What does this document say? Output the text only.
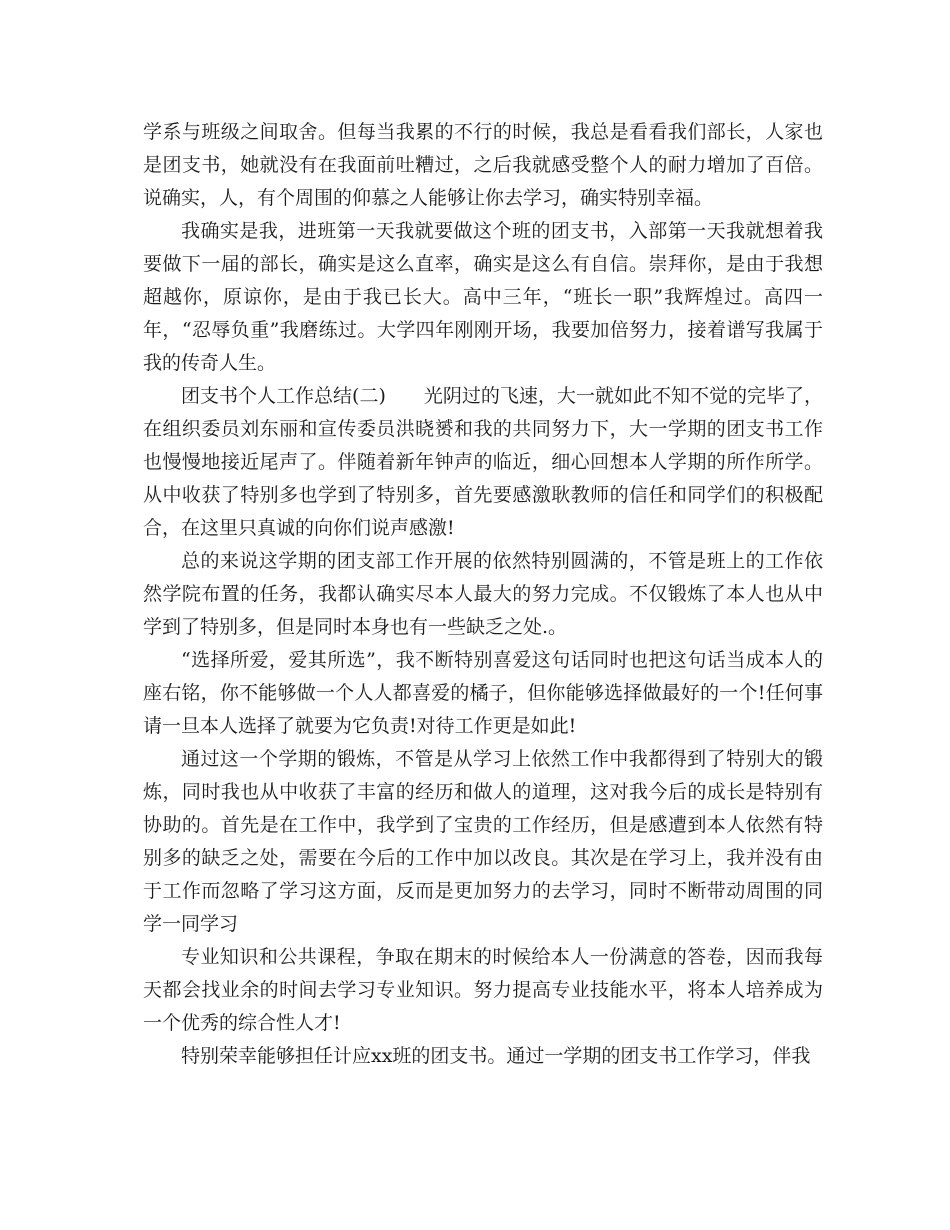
学系与班级之间取舍。但每当我累的不行的时候，我总是看看我们部长，人家也是团支书，她就没有在我面前吐糟过，之后我就感受整个人的耐力增加了百倍。说确实，人，有个周围的仰慕之人能够让你去学习，确实特别幸福。

我确实是我，进班第一天我就要做这个班的团支书，入部第一天我就想着我要做下一届的部长，确实是这么直率，确实是这么有自信。崇拜你，是由于我想超越你，原谅你，是由于我已长大。高中三年，“班长一职”我辉煌过。高四一年，“忍辱负重”我磨练过。大学四年刚刚开场，我要加倍努力，接着谱写我属于我的传奇人生。

团支书个人工作总结(二)　　光阴过的飞速，大一就如此不知不觉的完毕了，在组织委员刘东丽和宣传委员洪晓赟和我的共同努力下，大一学期的团支书工作也慢慢地接近尾声了。伴随着新年钟声的临近，细心回想本人学期的所作所学。从中收获了特别多也学到了特别多，首先要感激耿教师的信任和同学们的积极配合，在这里只真诚的向你们说声感激!

总的来说这学期的团支部工作开展的依然特别圆满的，不管是班上的工作依然学院布置的任务，我都认确实尽本人最大的努力完成。不仅锻炼了本人也从中学到了特别多，但是同时本身也有一些缺乏之处.。

“选择所爱，爱其所选”，我不断特别喜爱这句话同时也把这句话当成本人的座右铭，你不能够做一个人人都喜爱的橘子，但你能够选择做最好的一个!任何事请一旦本人选择了就要为它负责!对待工作更是如此!

通过这一个学期的锻炼，不管是从学习上依然工作中我都得到了特别大的锻炼，同时我也从中收获了丰富的经历和做人的道理，这对我今后的成长是特别有协助的。首先是在工作中，我学到了宝贵的工作经历，但是感遭到本人依然有特别多的缺乏之处，需要在今后的工作中加以改良。其次是在学习上，我并没有由于工作而忽略了学习这方面，反而是更加努力的去学习，同时不断带动周围的同学一同学习

专业知识和公共课程，争取在期末的时候给本人一份满意的答卷，因而我每天都会找业余的时间去学习专业知识。努力提高专业技能水平，将本人培养成为一个优秀的综合性人才!

特别荣幸能够担任计应xx班的团支书。通过一学期的团支书工作学习，伴我
